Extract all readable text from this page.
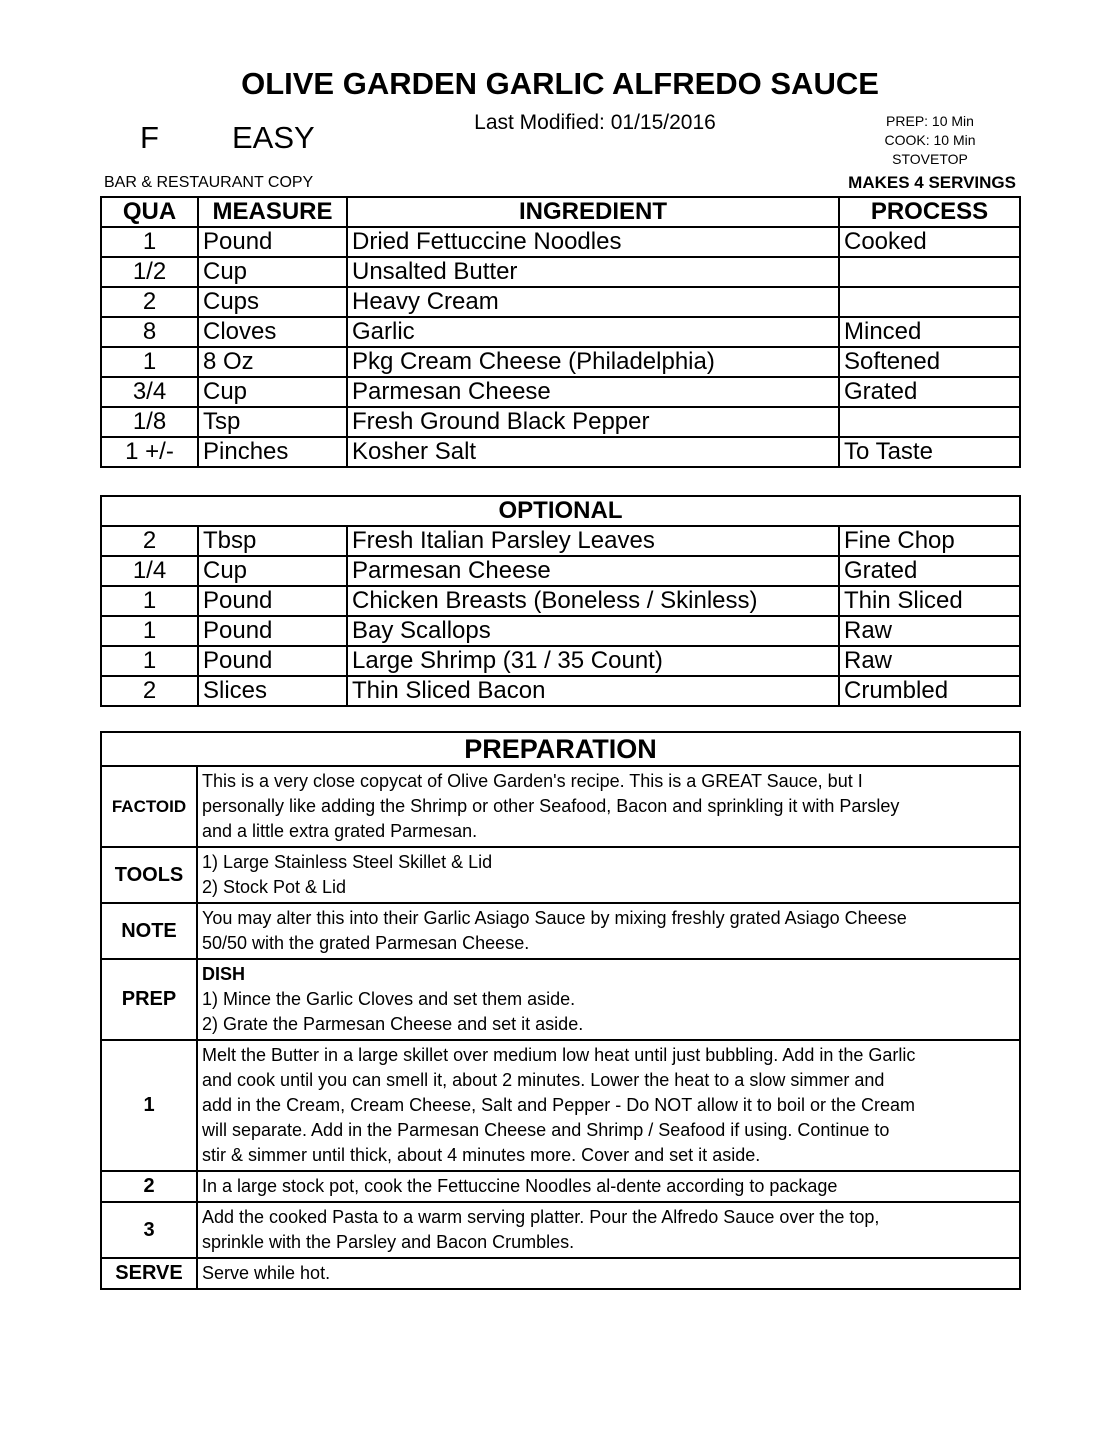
OLIVE GARDEN GARLIC ALFREDO SAUCE
F EASY	Last Modified: 01/15/2016	PREP: 10 Min
COOK: 10 Min
STOVETOP
BAR & RESTAURANT COPY	MAKES 4 SERVINGS
QUA	MEASURE	INGREDIENT	PROCESS
1	Pound	Dried Fettuccine Noodles	Cooked
1/2	Cup	Unsalted Butter	
2	Cups	Heavy Cream	
8	Cloves	Garlic	Minced
1	8 Oz	Pkg Cream Cheese (Philadelphia)	Softened
3/4	Cup	Parmesan Cheese	Grated
1/8	Tsp	Fresh Ground Black Pepper	
1 +/-	Pinches	Kosher Salt	To Taste
OPTIONAL			
2	Tbsp	Fresh Italian Parsley Leaves	Fine Chop
1/4	Cup	Parmesan Cheese	Grated
1	Pound	Chicken Breasts (Boneless / Skinless)	Thin Sliced
1	Pound	Bay Scallops	Raw
1	Pound	Large Shrimp (31 / 35 Count)	Raw
2	Slices	Thin Sliced Bacon	Crumbled
PREPARATION	
FACTOID	This is a very close copycat of Olive Garden's recipe. This is a GREAT Sauce, but I
personally like adding the Shrimp or other Seafood, Bacon and sprinkling it with Parsley
and a little extra grated Parmesan.

TOOLS	1) Large Stainless Steel Skillet & Lid
2) Stock Pot & Lid

NOTE	You may alter this into their Garlic Asiago Sauce by mixing freshly grated Asiago Cheese
50/50 with the grated Parmesan Cheese.

PREP	DISH
1) Mince the Garlic Cloves and set them aside.
2) Grate the Parmesan Cheese and set it aside.

1	Melt the Butter in a large skillet over medium low heat until just bubbling. Add in the Garlic
and cook until you can smell it, about 2 minutes. Lower the heat to a slow simmer and
add in the Cream, Cream Cheese, Salt and Pepper - Do NOT allow it to boil or the Cream
will separate. Add in the Parmesan Cheese and Shrimp / Seafood if using. Continue to
stir & simmer until thick, about 4 minutes more. Cover and set it aside.

2	In a large stock pot, cook the Fettuccine Noodles al-dente according to package

3	Add the cooked Pasta to a warm serving platter. Pour the Alfredo Sauce over the top,
sprinkle with the Parsley and Bacon Crumbles.

SERVE	Serve while hot.
